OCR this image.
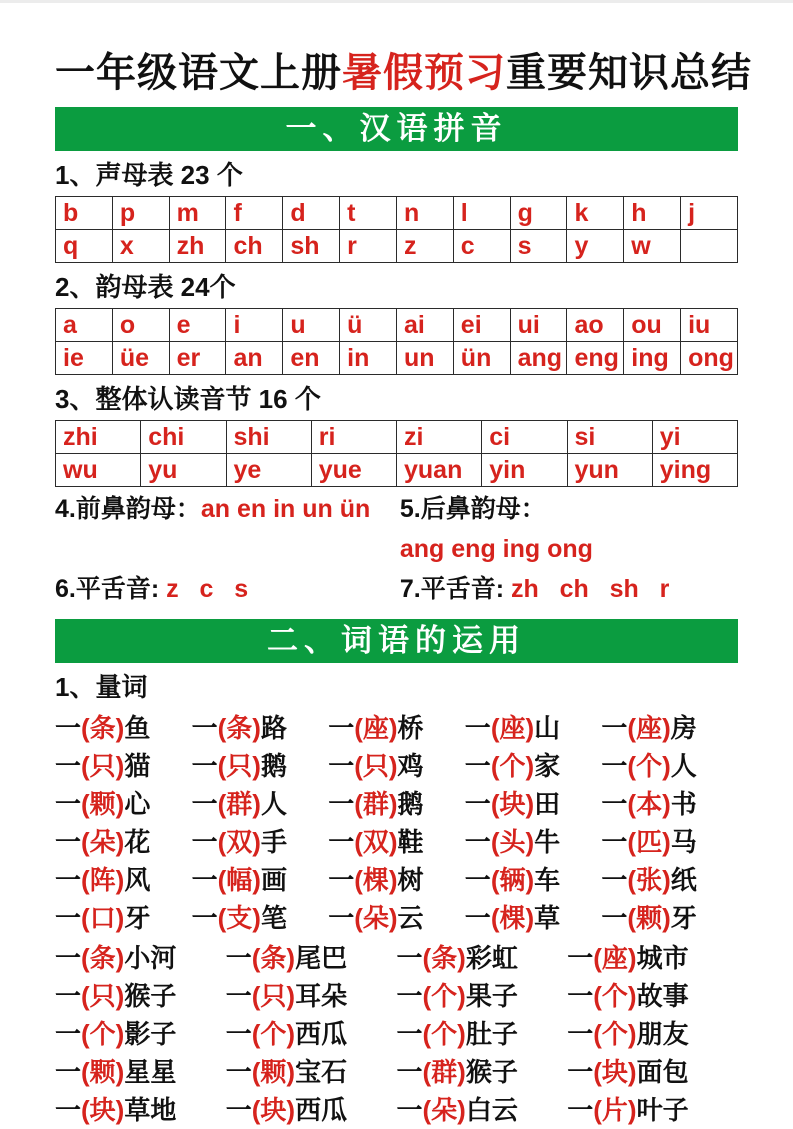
一年级语文上册暑假预习重要知识总结
一、汉语拼音
1、声母表 23 个
b	p	m	f	d	t	n	l	g	k	h	j
q	x	zh	ch	sh	r	z	c	s	y	w	
2、韵母表 24个
a	o	e	i	u	ü	ai	ei	ui	ao	ou	iu
ie	üe	er	an	en	in	un	ün	ang	eng	ing	ong
3、整体认读音节 16 个
zhi	chi	shi	ri	zi	ci	si	yi
wu	yu	ye	yue	yuan	yin	yun	ying
4.前鼻韵母：an en in un ün	5.后鼻韵母：ang eng ing ong
6.平舌音: z   c   s	7.平舌音: zh   ch   sh   r
二、词语的运用
1、量词
一(条)鱼	一(条)路	一(座)桥	一(座)山	一(座)房
一(只)猫	一(只)鹅	一(只)鸡	一(个)家	一(个)人
一(颗)心	一(群)人	一(群)鹅	一(块)田	一(本)书
一(朵)花	一(双)手	一(双)鞋	一(头)牛	一(匹)马
一(阵)风	一(幅)画	一(棵)树	一(辆)车	一(张)纸
一(口)牙	一(支)笔	一(朵)云	一(棵)草	一(颗)牙
一(条)小河	一(条)尾巴	一(条)彩虹	一(座)城市
一(只)猴子	一(只)耳朵	一(个)果子	一(个)故事
一(个)影子	一(个)西瓜	一(个)肚子	一(个)朋友
一(颗)星星	一(颗)宝石	一(群)猴子	一(块)面包
一(块)草地	一(块)西瓜	一(朵)白云	一(片)叶子
